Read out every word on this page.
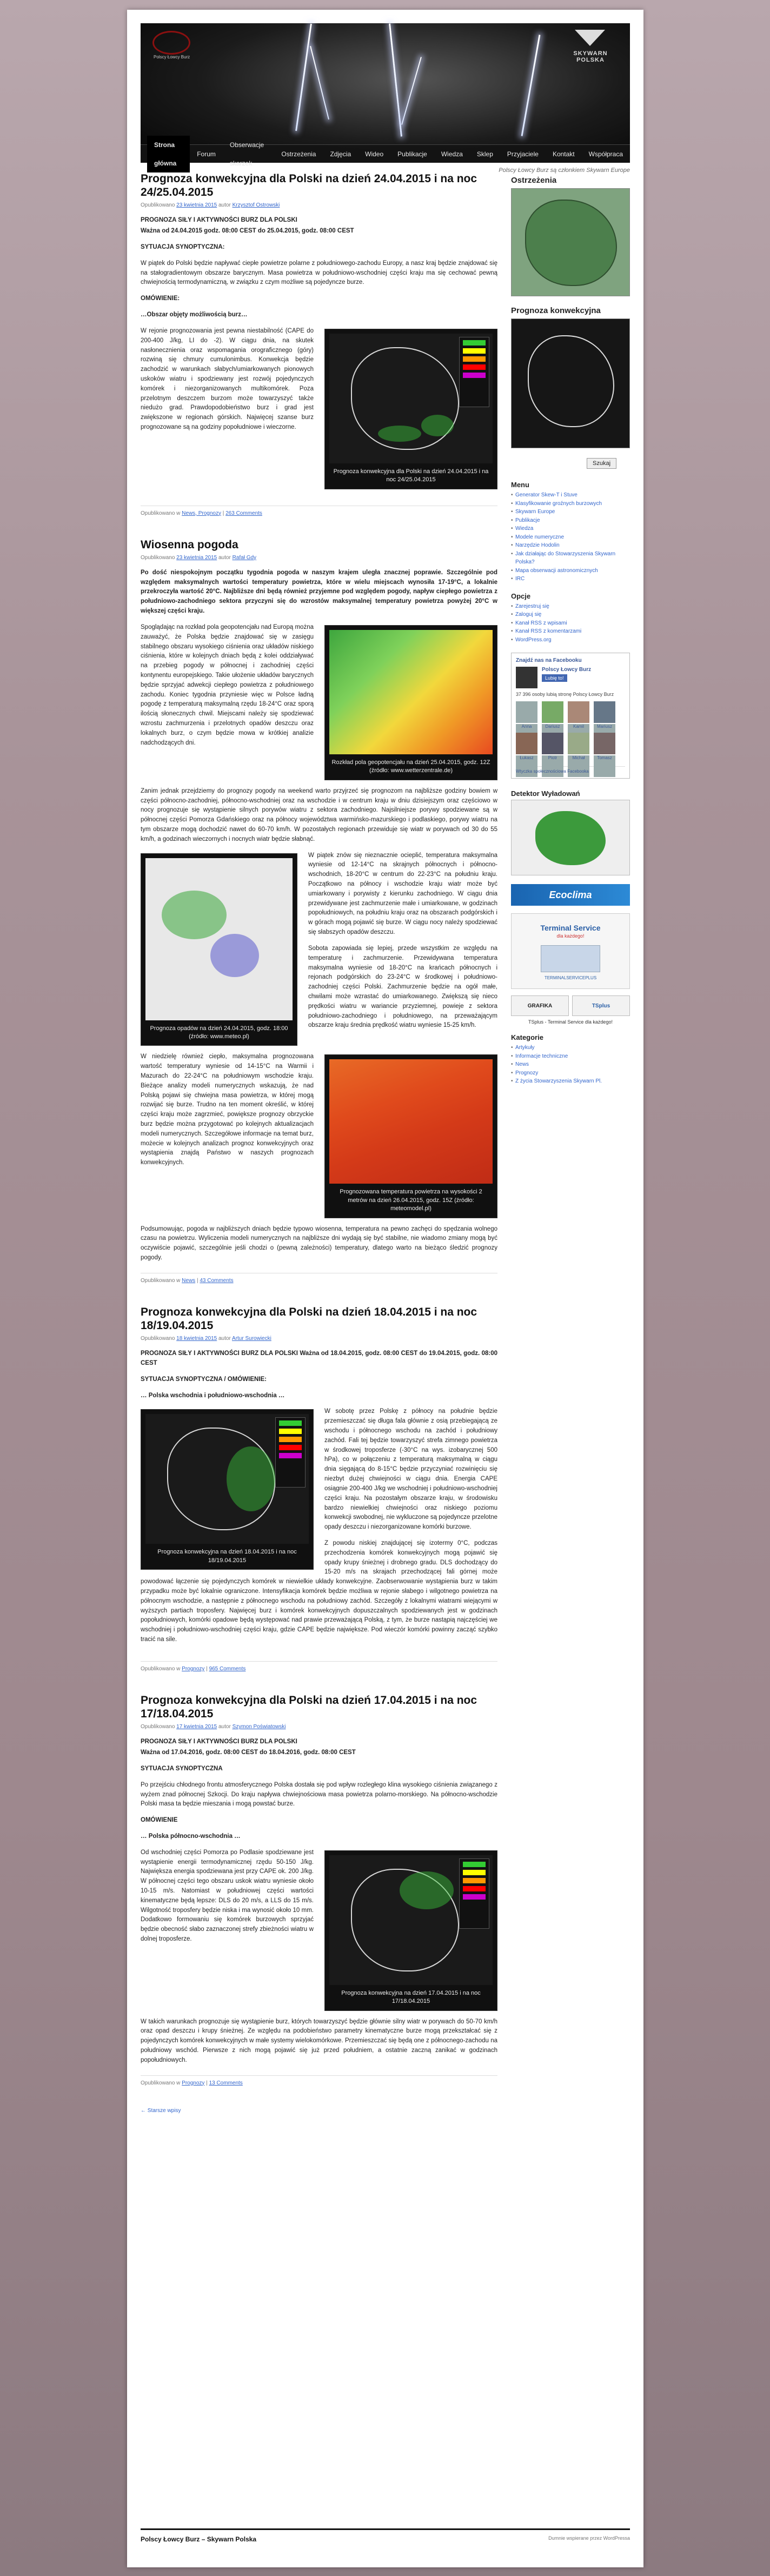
Polscy Łowcy Burz
SKYWARN POLSKA
Strona główna
Forum
Obserwacje skarzek
Ostrzeżenia	Zdjęcia	Wideo	Publikacje	Wiedza	Sklep	Przyjaciele	Kontakt	Współpraca
Polscy Łowcy Burz są członkiem Skywarn Europe
Prognoza konwekcyjna dla Polski na dzień 24.04.2015 i na noc 24/25.04.2015
Opublikowano 23 kwietnia 2015 autor Krzysztof Ostrowski

PROGNOZA SIŁY I AKTYWNOŚCI BURZ DLA POLSKI

Ważna od 24.04.2015 godz. 08:00 CEST do 25.04.2015, godz. 08:00 CEST

SYTUACJA SYNOPTYCZNA:

W piątek do Polski będzie napływać ciepłe powietrze polarne z południowego-zachodu Europy, a nasz kraj będzie znajdować się na stałogradientowym obszarze barycznym. Masa powietrza w południowo-wschodniej części kraju ma się cechować pewną chwiejnością termodynamiczną, w związku z czym możliwe są pojedyncze burze.

OMÓWIENIE:

…Obszar objęty możliwością burz…

Prognoza konwekcyjna dla Polski na dzień 24.04.2015 i na noc 24/25.04.2015

W rejonie prognozowania jest pewna niestabilność (CAPE do 200-400 J/kg, LI do -2). W ciągu dnia, na skutek nasłonecznienia oraz wspomagania orograficznego (góry) rozwiną się chmury cumulonimbus. Konwekcja będzie zachodzić w warunkach słabych/umiarkowanych pionowych uskoków wiatru i spodziewany jest rozwój pojedynczych komórek i niezorganizowanych multikomórek. Poza przelotnym deszczem burzom może towarzyszyć także niedużo grad. Prawdopodobieństwo burz i grad jest zwiększone w regionach górskich. Najwięcej szanse burz prognozowane są na godziny popołudniowe i wieczorne.

Opublikowano w News, Prognozy | 263 Comments
Wiosenna pogoda
Opublikowano 23 kwietnia 2015 autor Rafał Gdy

Po dość niespokojnym początku tygodnia pogoda w naszym krajem uległa znacznej poprawie. Szczególnie pod względem maksymalnych wartości temperatury powietrza, które w wielu miejscach wynosiła 17-19°C, a lokalnie przekroczyła wartość 20°C. Najbliższe dni będą również przyjemne pod względem pogody, napływ ciepłego powietrza z południowo-zachodniego sektora przyczyni się do wzrostów maksymalnej temperatury powietrza powyżej 20°C w większej części kraju.

Rozkład pola geopotencjału na dzień 25.04.2015, godz. 12Z (źródło: www.wetterzentrale.de)

Spoglądając na rozkład pola geopotencjału nad Europą można zauważyć, że Polska będzie znajdować się w zasięgu stabilnego obszaru wysokiego ciśnienia oraz układów niskiego ciśnienia, które w kolejnych dniach będą z kolei oddziaływać na przebieg pogody w północnej i zachodniej części kontynentu europejskiego. Takie ułożenie układów barycznych będzie sprzyjać adwekcji ciepłego powietrza z południowego zachodu. Koniec tygodnia przyniesie więc w Polsce ładną pogodę z temperaturą maksymalną rzędu 18-24°C oraz sporą ilością słonecznych chwil. Miejscami należy się spodziewać wzrostu zachmurzenia i przelotnych opadów deszczu oraz lokalnych burz, o czym będzie mowa w krótkiej analizie nadchodzących dni.

Zanim jednak przejdziemy do prognozy pogody na weekend warto przyjrzeć się prognozom na najbliższe godziny bowiem w części północno-zachodniej, północno-wschodniej oraz na wschodzie i w centrum kraju w dniu dzisiejszym oraz częściowo w nocy prognozuje się wystąpienie silnych porywów wiatru z sektora zachodniego. Najsilniejsze porywy spodziewane są w północnej części Pomorza Gdańskiego oraz na północy województwa warmińsko-mazurskiego i podlaskiego, porywy wiatru na tym obszarze mogą dochodzić nawet do 60-70 km/h. W pozostałych regionach przewiduje się wiatr w porywach od 30 do 55 km/h, a godzinach wieczornych i nocnych wiatr będzie słabnąć.

Prognoza opadów na dzień 24.04.2015, godz. 18:00 (źródło: www.meteo.pl)

W piątek znów się nieznacznie ocieplić, temperatura maksymalna wyniesie od 12-14°C na skrajnych północnych i północno-wschodnich, 18-20°C w centrum do 22-23°C na południu kraju. Początkowo na północy i wschodzie kraju wiatr może być umiarkowany i porywisty z kierunku zachodniego. W ciągu dnia przewidywane jest zachmurzenie małe i umiarkowane, w godzinach popołudniowych, na południu kraju oraz na obszarach podgórskich i w górach mogą pojawić się burze. W ciągu nocy należy spodziewać się słabszych opadów deszczu.

Sobota zapowiada się lepiej, przede wszystkim ze względu na temperaturę i zachmurzenie. Przewidywana temperatura maksymalna wyniesie od 18-20°C na krańcach północnych i rejonach podgórskich do 23-24°C w środkowej i południowo-zachodniej części Polski. Zachmurzenie będzie na ogół małe, chwilami może wzrastać do umiarkowanego. Zwiększą się nieco prędkości wiatru w wariancie przyziemnej, powieje z sektora południowo-zachodniego i południowego, na przeważającym obszarze kraju średnia prędkość wiatru wyniesie 15-25 km/h.

Prognozowana temperatura powietrza na wysokości 2 metrów na dzień 26.04.2015, godz. 15Z (źródło: meteomodel.pl)

W niedzielę również ciepło, maksymalna prognozowana wartość temperatury wyniesie od 14-15°C na Warmii i Mazurach do 22-24°C na południowym wschodzie kraju. Bieżące analizy modeli numerycznych wskazują, że nad Polską pojawi się chwiejna masa powietrza, w której mogą rozwijać się burze. Trudno na ten moment określić, w której części kraju może zagrzmieć, powiększe prognozy obrzyckie burz będzie można przygotować po kolejnych aktualizacjach modeli numerycznych. Szczegółowe informacje na temat burz, możecie w kolejnych analizach prognoz konwekcyjnych oraz wystąpienia znajdą Państwo w naszych prognozach konwekcyjnych.

Podsumowując, pogoda w najbliższych dniach będzie typowo wiosenna, temperatura na pewno zachęci do spędzania wolnego czasu na powietrzu. Wyliczenia modeli numerycznych na najbliższe dni wydają się być stabilne, nie wiadomo zmiany mogą być oczywiście pojawić, szczególnie jeśli chodzi o (pewną zależności) temperatury, dlatego warto na bieżąco śledzić prognozy pogody.

Opublikowano w News | 43 Comments
Prognoza konwekcyjna dla Polski na dzień 18.04.2015 i na noc 18/19.04.2015
Opublikowano 18 kwietnia 2015 autor Artur Surowiecki

PROGNOZA SIŁY I AKTYWNOŚCI BURZ DLA POLSKI Ważna od 18.04.2015, godz. 08:00 CEST do 19.04.2015, godz. 08:00 CEST

SYTUACJA SYNOPTYCZNA / OMÓWIENIE:

… Polska wschodnia i południowo-wschodnia …

Prognoza konwekcyjna na dzień 18.04.2015 i na noc 18/19.04.2015

W sobotę przez Polskę z północy na południe będzie przemieszczać się długa fala głównie z osią przebiegającą ze wschodu i północnego wschodu na zachód i południowy zachód. Fali tej będzie towarzyszyć strefa zimnego powietrza w środkowej troposferze (-30°C na wys. izobarycznej 500 hPa), co w połączeniu z temperaturą maksymalną w ciągu dnia sięgającą do 8-15°C będzie przyczyniać rozwinięciu się niezbyt dużej chwiejności w ciągu dnia. Energia CAPE osiągnie 200-400 J/kg we wschodniej i południowo-wschodniej części kraju. Na pozostałym obszarze kraju, w środowisku bardzo niewielkiej chwiejności oraz niskiego poziomu konwekcji swobodnej, nie wykluczone są pojedyncze przelotne opady deszczu i niezorganizowane komórki burzowe.

Z powodu niskiej znajdującej się izotermy 0°C, podczas przechodzenia komórek konwekcyjnych mogą pojawić się opady krupy śnieżnej i drobnego gradu. DLS dochodzący do 15-20 m/s na skrajach przechodzącej fali górnej może powodować łączenie się pojedynczych komórek w niewielkie układy konwekcyjne. Zaobserwowanie wystąpienia burz w takim przypadku może być lokalnie ograniczone. Intensyfikacja komórek będzie możliwa w rejonie słabego i wilgotnego powietrza na północnym wschodzie, a następnie z północnego wschodu na południowy zachód. Szczegóły z lokalnymi wiatrami wiejącymi w wyższych partiach troposfery. Najwięcej burz i komórek konwekcyjnych dopuszczalnych spodziewanych jest w godzinach popołudniowych, komórki opadowe będą występować nad prawie przeważającą Polską, z tym, że burze nastąpią najczęściej we wschodniej i południowo-wschodniej części kraju, gdzie CAPE będzie największe. Pod wieczór komórki powinny zacząć szybko tracić na sile.

Opublikowano w Prognozy | 965 Comments
Prognoza konwekcyjna dla Polski na dzień 17.04.2015 i na noc 17/18.04.2015
Opublikowano 17 kwietnia 2015 autor Szymon Poświatowski

PROGNOZA SIŁY I AKTYWNOŚCI BURZ DLA POLSKI

Ważna od 17.04.2016, godz. 08:00 CEST do 18.04.2016, godz. 08:00 CEST

SYTUACJA SYNOPTYCZNA

Po przejściu chłodnego frontu atmosferycznego Polska dostała się pod wpływ rozległego klina wysokiego ciśnienia związanego z wyżem znad północnej Szkocji. Do kraju napływa chwiejnościowa masa powietrza polarno-morskiego. Na północno-wschodzie Polski masa ta będzie mieszania i mogą powstać burze.

OMÓWIENIE

… Polska północno-wschodnia …

Prognoza konwekcyjna na dzień 17.04.2015 i na noc 17/18.04.2015

Od wschodniej części Pomorza po Podlasie spodziewane jest wystąpienie energii termodynamicznej rzędu 50-150 J/kg. Największa energia spodziewana jest przy CAPE ok. 200 J/kg. W północnej części tego obszaru uskok wiatru wyniesie około 10-15 m/s. Natomiast w południowej części wartości kinematyczne będą lepsze: DLS do 20 m/s, a LLS do 15 m/s. Wilgotność troposfery będzie niska i ma wynosić około 10 mm. Dodatkowo formowaniu się komórek burzowych sprzyjać będzie obecność słabo zaznaczonej strefy zbieżności wiatru w dolnej troposferze.

W takich warunkach prognozuje się wystąpienie burz, których towarzyszyć będzie głównie silny wiatr w porywach do 50-70 km/h oraz opad deszczu i krupy śnieżnej. Ze względu na podobieństwo parametry kinematyczne burze mogą przekształcać się z pojedynczych komórek konwekcyjnych w małe systemy wielokomórkowe. Przemieszczać się będą one z północnego-zachodu na południowy wschód. Pierwsze z nich mogą pojawić się już przed południem, a ostatnie zaczną zanikać w godzinach popołudniowych.

Opublikowano w Prognozy | 13 Comments
← Starsze wpisy
Ostrzeżenia
Prognoza konwekcyjna
Szukaj
Menu
• Generator Skew-T i Stuve
• Klasyfikowanie groźnych burzowych
• Skywarn Europe
• Publikacje
• Wiedza
• Modele numeryczne
• Narzędzie Hodolin
• Jak działając do Stowarzyszenia Skywarn Polska?
• Mapa obserwacji astronomicznych
• IRC
Opcje
• Zarejestruj się
• Zaloguj się
• Kanał RSS z wpisami
• Kanał RSS z komentarzami
• WordPress.org
Znajdź nas na Facebooku
Polscy Łowcy Burz
Lubię to!
37 396 osoby lubią stronę Polscy Łowcy Burz
Anna	Dariusz	Kamil	Mariusz
Łukasz	Piotr	Michał	Tomasz
Wtyczka społecznościowa Facebooka
Detektor Wyładowań
Ecoclima
Terminal Service
dla każdego!
TERMINALSERVICEPLUS
GRAFIKA	TSplus
TSplus - Terminal Service dla każdego!
Kategorie
• Artykuły
• Informacje techniczne
• News
• Prognozy
• Z życia Stowarzyszenia Skywarn Pl.
Polscy Łowcy Burz – Skywarn Polska	Dumnie wspierane przez WordPressa
